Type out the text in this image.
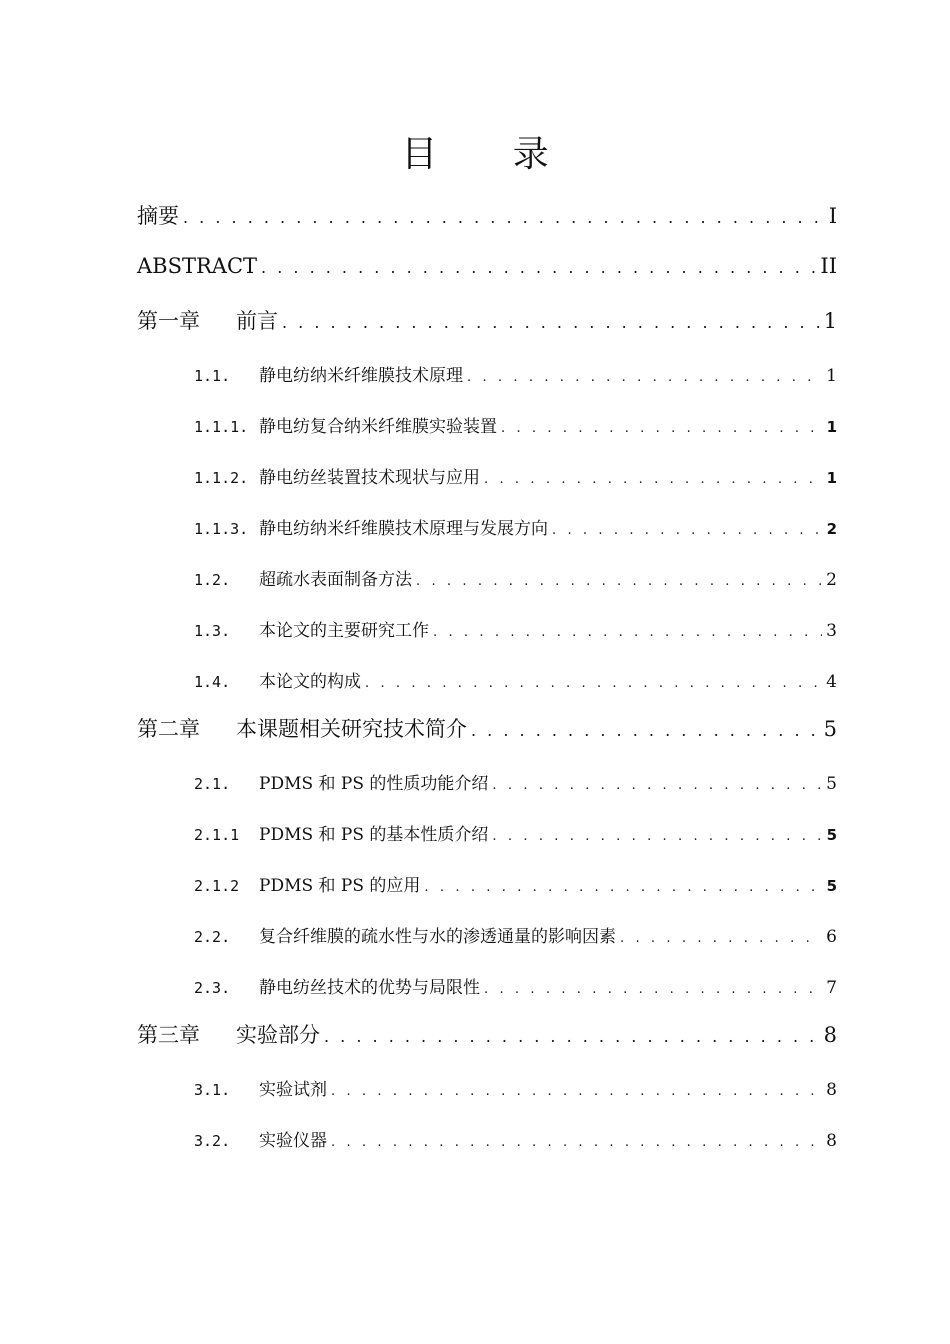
目 录
摘要 . . .	I
ABSTRACT . . .	II
第一章 前言 . . .	1
1.1. 静电纺纳米纤维膜技术原理 . . .	1
1.1.1. 静电纺复合纳米纤维膜实验装置 . . .	1
1.1.2. 静电纺丝装置技术现状与应用 . . .	1
1.1.3. 静电纺纳米纤维膜技术原理与发展方向 . . .	2
1.2. 超疏水表面制备方法 . . .	2
1.3. 本论文的主要研究工作 . . .	3
1.4. 本论文的构成 . . .	4
第二章 本课题相关研究技术简介 . . .	5
2.1. PDMS 和 PS 的性质功能介绍 . . .	5
2.1.1 PDMS 和 PS 的基本性质介绍 . . .	5
2.1.2 PDMS 和 PS 的应用 . . .	5
2.2. 复合纤维膜的疏水性与水的渗透通量的影响因素 . . .	6
2.3. 静电纺丝技术的优势与局限性 . . .	7
第三章 实验部分 . . .	8
3.1. 实验试剂 . . .	8
3.2. 实验仪器 . . .	8
